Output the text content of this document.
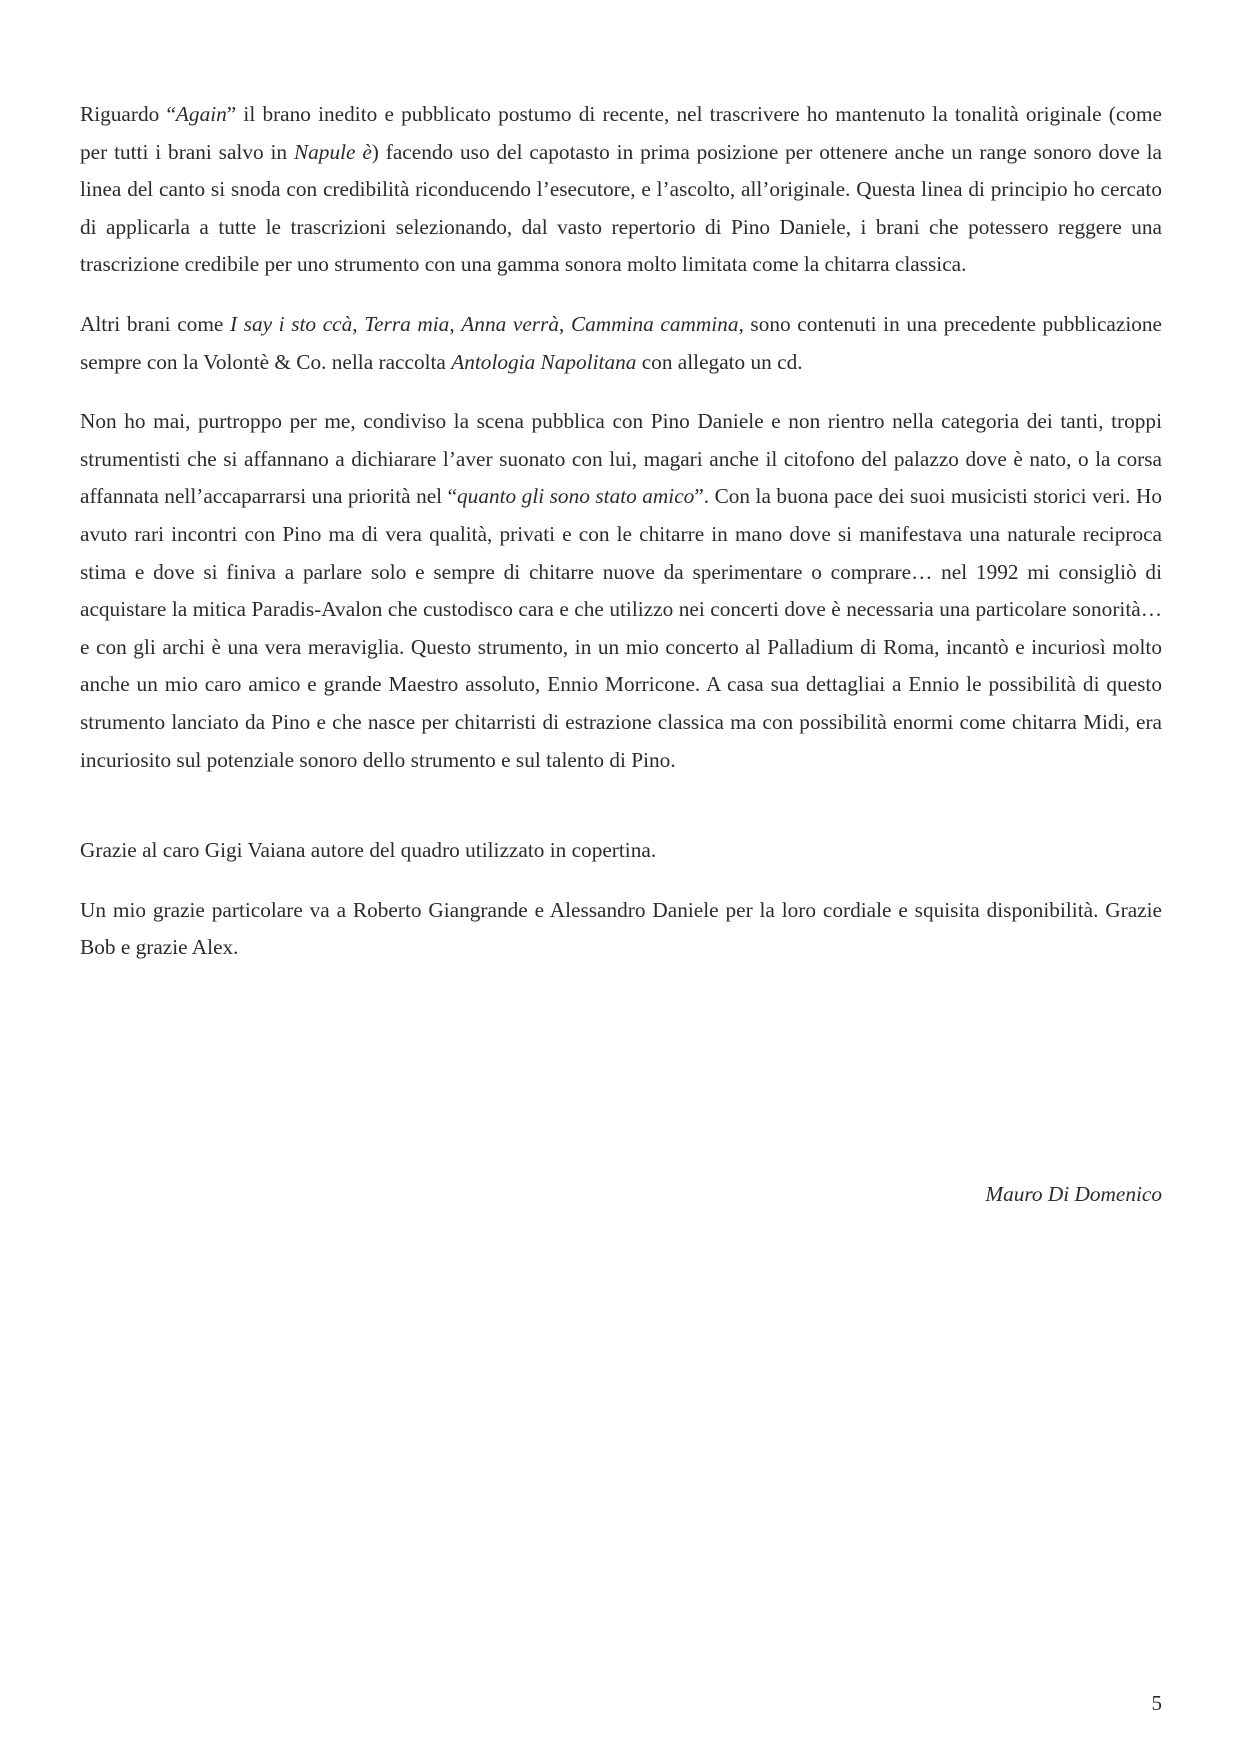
Riguardo “Again” il brano inedito e pubblicato postumo di recente, nel trascrivere ho mantenuto la tonalità originale (come per tutti i brani salvo in Napule è) facendo uso del capotasto in prima posizione per ottenere anche un range sonoro dove la linea del canto si snoda con credibilità riconducendo l’esecutore, e l’ascolto, all’originale. Questa linea di principio ho cercato di applicarla a tutte le trascrizioni selezionando, dal vasto repertorio di Pino Daniele, i brani che potessero reggere una trascrizione credibile per uno strumento con una gamma sonora molto limitata come la chitarra classica.

Altri brani come I say i sto ccà, Terra mia, Anna verrà, Cammina cammina, sono contenuti in una precedente pubblicazione sempre con la Volontè & Co. nella raccolta Antologia Napolitana con allegato un cd.

Non ho mai, purtroppo per me, condiviso la scena pubblica con Pino Daniele e non rientro nella categoria dei tanti, troppi strumentisti che si affannano a dichiarare l’aver suonato con lui, magari anche il citofono del palazzo dove è nato, o la corsa affannata nell’accaparrarsi una priorità nel “quanto gli sono stato amico”. Con la buona pace dei suoi musicisti storici veri. Ho avuto rari incontri con Pino ma di vera qualità, privati e con le chitarre in mano dove si manifestava una naturale reciproca stima e dove si finiva a parlare solo e sempre di chitarre nuove da sperimentare o comprare… nel 1992 mi consigliò di acquistare la mitica Paradis-Avalon che custodisco cara e che utilizzo nei concerti dove è necessaria una particolare sonorità… e con gli archi è una vera meraviglia. Questo strumento, in un mio concerto al Palladium di Roma, incantò e incuriosì molto anche un mio caro amico e grande Maestro assoluto, Ennio Morricone. A casa sua dettagliai a Ennio le possibilità di questo strumento lanciato da Pino e che nasce per chitarristi di estrazione classica ma con possibilità enormi come chitarra Midi, era incuriosito sul potenziale sonoro dello strumento e sul talento di Pino.

Grazie al caro Gigi Vaiana autore del quadro utilizzato in copertina.

Un mio grazie particolare va a Roberto Giangrande e Alessandro Daniele per la loro cordiale e squisita disponibilità. Grazie Bob e grazie Alex.

Mauro Di Domenico
5
